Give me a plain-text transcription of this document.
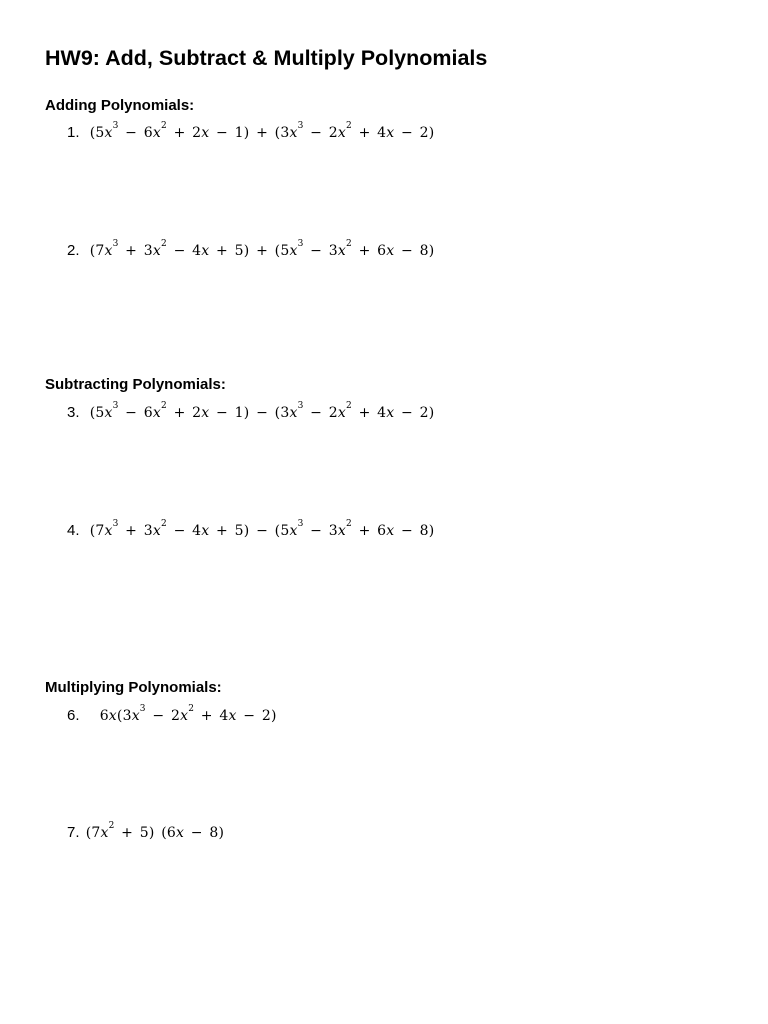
HW9: Add, Subtract & Multiply Polynomials
Adding Polynomials:
1. $(5x^3 - 6x^2 + 2x - 1) + (3x^3 - 2x^2 + 4x - 2)$
2. $(7x^3 + 3x^2 - 4x + 5) + (5x^3 - 3x^2 + 6x - 8)$
Subtracting Polynomials:
3. $(5x^3 - 6x^2 + 2x - 1) - (3x^3 - 2x^2 + 4x - 2)$
4. $(7x^3 + 3x^2 - 4x + 5) - (5x^3 - 3x^2 + 6x - 8)$
Multiplying Polynomials:
6. $6x(3x^3 - 2x^2 + 4x - 2)$
7. $(7x^2 + 5) (6x - 8)$
